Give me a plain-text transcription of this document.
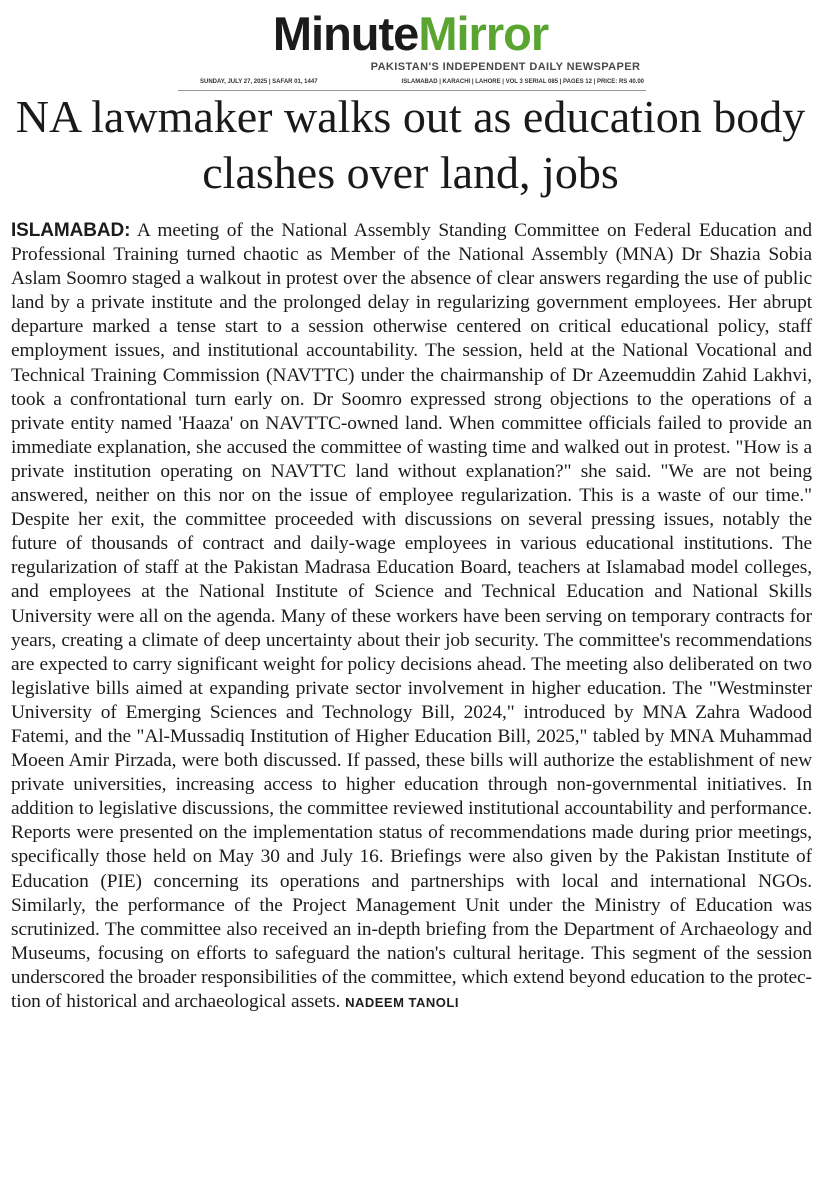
MinuteMirror
PAKISTAN'S INDEPENDENT DAILY NEWSPAPER
SUNDAY, JULY 27, 2025 | SAFAR 01, 1447	ISLAMABAD | KARACHI | LAHORE | VOL 3 SERIAL 085 | PAGES 12 | PRICE: RS 40.00
NA lawmaker walks out as education body clashes over land, jobs

ISLAMABAD: A meeting of the National Assembly Standing Committee on Federal Education and Professional Training turned chaotic as Member of the National Assembly (MNA) Dr Shazia Sobia Aslam Soomro staged a walkout in protest over the absence of clear answers regarding the use of public land by a private institute and the prolonged delay in regularizing government employees. Her abrupt departure marked a tense start to a session otherwise centered on critical educational policy, staff employment issues, and institutional accountability. The session, held at the National Vocational and Technical Training Commission (NAVTTC) under the chairmanship of Dr Azeemuddin Zahid Lakhvi, took a confrontational turn early on. Dr Soomro expressed strong objections to the operations of a private entity named 'Haaza' on NAVTTC-owned land. When committee officials failed to provide an immediate explanation, she accused the committee of wasting time and walked out in protest. "How is a private institution operating on NAVTTC land without explanation?" she said. "We are not being answered, neither on this nor on the issue of employee regularization. This is a waste of our time." Despite her exit, the committee proceeded with discussions on several pressing issues, notably the future of thousands of contract and daily-wage employees in various educational institutions. The regularization of staff at the Pakistan Madrasa Education Board, teachers at Islamabad model colleges, and employees at the National Institute of Science and Technical Education and National Skills University were all on the agenda. Many of these workers have been serving on temporary contracts for years, creating a climate of deep uncertainty about their job security. The committee's recommendations are expected to carry significant weight for policy decisions ahead. The meeting also deliberated on two legislative bills aimed at expanding private sector involvement in higher education. The "Westminster University of Emerging Sciences and Technology Bill, 2024," introduced by MNA Zahra Wadood Fatemi, and the "Al-Mussadiq Institution of Higher Education Bill, 2025," tabled by MNA Muhammad Moeen Amir Pirzada, were both discussed. If passed, these bills will authorize the establishment of new private universities, increasing access to higher education through non-governmental initiatives. In addition to legislative discussions, the committee reviewed institutional accountability and performance. Reports were presented on the implementation status of recommendations made during prior meetings, specifically those held on May 30 and July 16. Briefings were also given by the Pakistan Institute of Education (PIE) concerning its operations and partnerships with local and international NGOs. Similarly, the performance of the Project Management Unit under the Ministry of Education was scrutinized. The committee also received an in-depth briefing from the Department of Archaeology and Museums, focusing on efforts to safeguard the nation's cultural heritage. This segment of the session underscored the broader responsibilities of the committee, which extend beyond education to the protection of historical and archaeological assets. NADEEM TANOLI
